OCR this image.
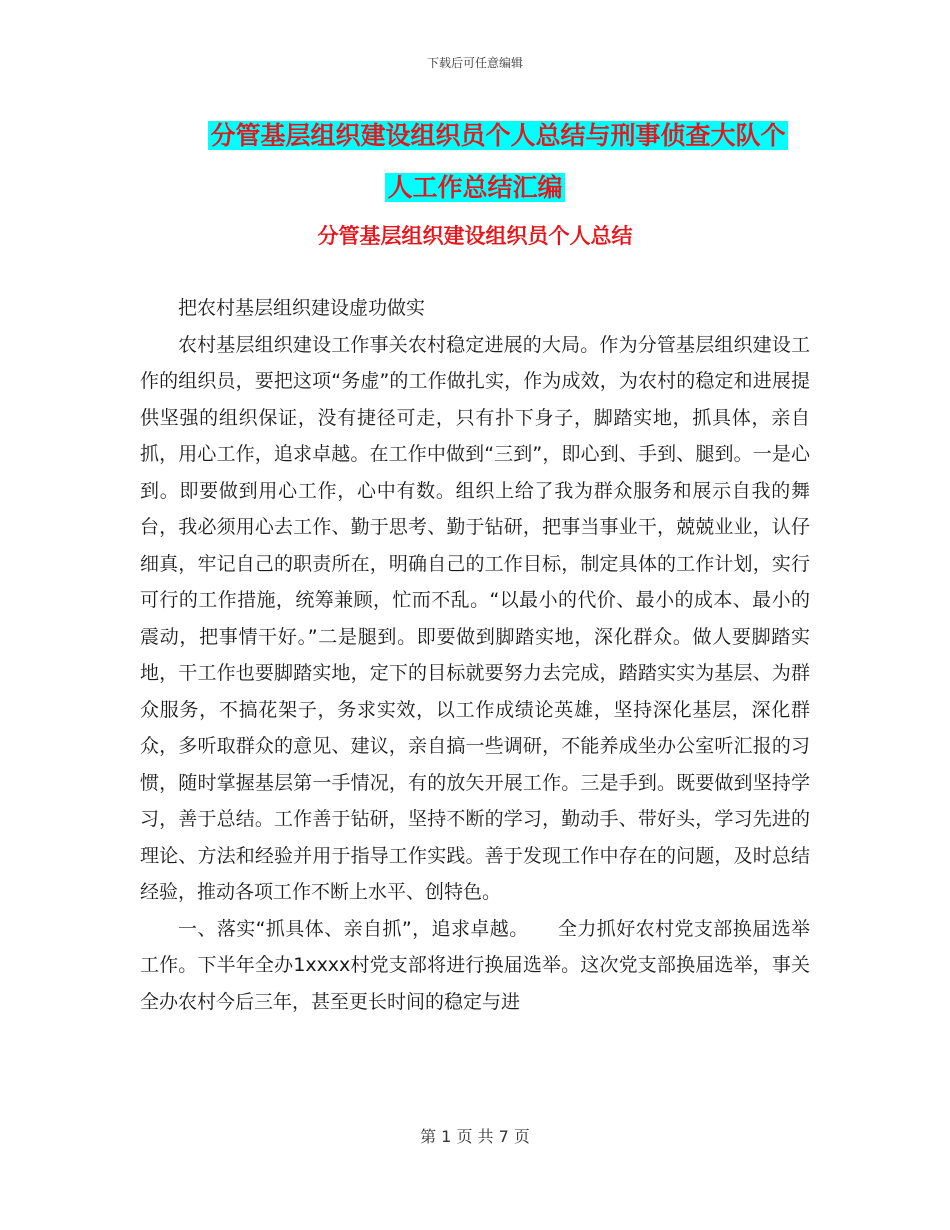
下载后可任意编辑
分管基层组织建设组织员个人总结与刑事侦查大队个
人工作总结汇编
分管基层组织建设组织员个人总结

把农村基层组织建设虚功做实

农村基层组织建设工作事关农村稳定进展的大局。作为分管基层组织建设工作的组织员，要把这项“务虚”的工作做扎实，作为成效，为农村的稳定和进展提供坚强的组织保证，没有捷径可走，只有扑下身子，脚踏实地，抓具体，亲自抓，用心工作，追求卓越。在工作中做到“三到”，即心到、手到、腿到。一是心到。即要做到用心工作，心中有数。组织上给了我为群众服务和展示自我的舞台，我必须用心去工作、勤于思考、勤于钻研，把事当事业干，兢兢业业，认仔细真，牢记自己的职责所在，明确自己的工作目标，制定具体的工作计划，实行可行的工作措施，统筹兼顾，忙而不乱。“以最小的代价、最小的成本、最小的震动，把事情干好。”二是腿到。即要做到脚踏实地，深化群众。做人要脚踏实地，干工作也要脚踏实地，定下的目标就要努力去完成，踏踏实实为基层、为群众服务，不搞花架子，务求实效，以工作成绩论英雄，坚持深化基层，深化群众，多听取群众的意见、建议，亲自搞一些调研，不能养成坐办公室听汇报的习惯，随时掌握基层第一手情况，有的放矢开展工作。三是手到。既要做到坚持学习，善于总结。工作善于钻研，坚持不断的学习，勤动手、带好头，学习先进的理论、方法和经验并用于指导工作实践。善于发现工作中存在的问题，及时总结经验，推动各项工作不断上水平、创特色。

一、落实“抓具体、亲自抓”，追求卓越。　　全力抓好农村党支部换届选举工作。下半年全办1xxxx村党支部将进行换届选举。这次党支部换届选举，事关全办农村今后三年，甚至更长时间的稳定与进

第 1 页 共 7 页
